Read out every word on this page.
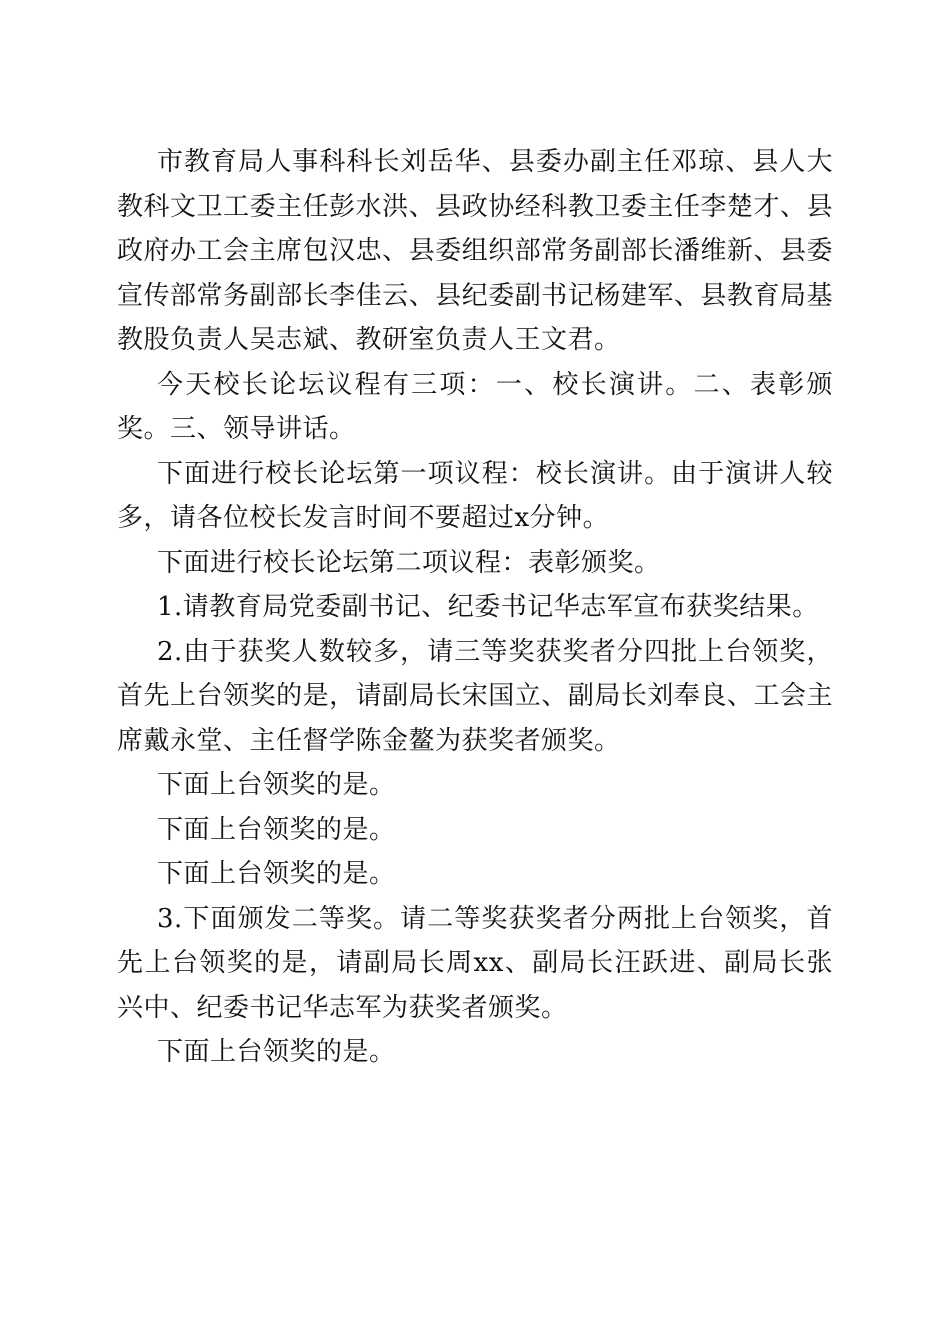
市教育局人事科科长刘岳华、县委办副主任邓琼、县人大教科文卫工委主任彭水洪、县政协经科教卫委主任李楚才、县政府办工会主席包汉忠、县委组织部常务副部长潘维新、县委宣传部常务副部长李佳云、县纪委副书记杨建军、县教育局基教股负责人吴志斌、教研室负责人王文君。

今天校长论坛议程有三项：一、校长演讲。二、表彰颁奖。三、领导讲话。

下面进行校长论坛第一项议程：校长演讲。由于演讲人较多，请各位校长发言时间不要超过x分钟。

下面进行校长论坛第二项议程：表彰颁奖。

1.请教育局党委副书记、纪委书记华志军宣布获奖结果。

2.由于获奖人数较多，请三等奖获奖者分四批上台领奖，首先上台领奖的是，请副局长宋国立、副局长刘奉良、工会主席戴永堂、主任督学陈金鳌为获奖者颁奖。

下面上台领奖的是。

下面上台领奖的是。

下面上台领奖的是。

3.下面颁发二等奖。请二等奖获奖者分两批上台领奖，首先上台领奖的是，请副局长周xx、副局长汪跃进、副局长张兴中、纪委书记华志军为获奖者颁奖。

下面上台领奖的是。
